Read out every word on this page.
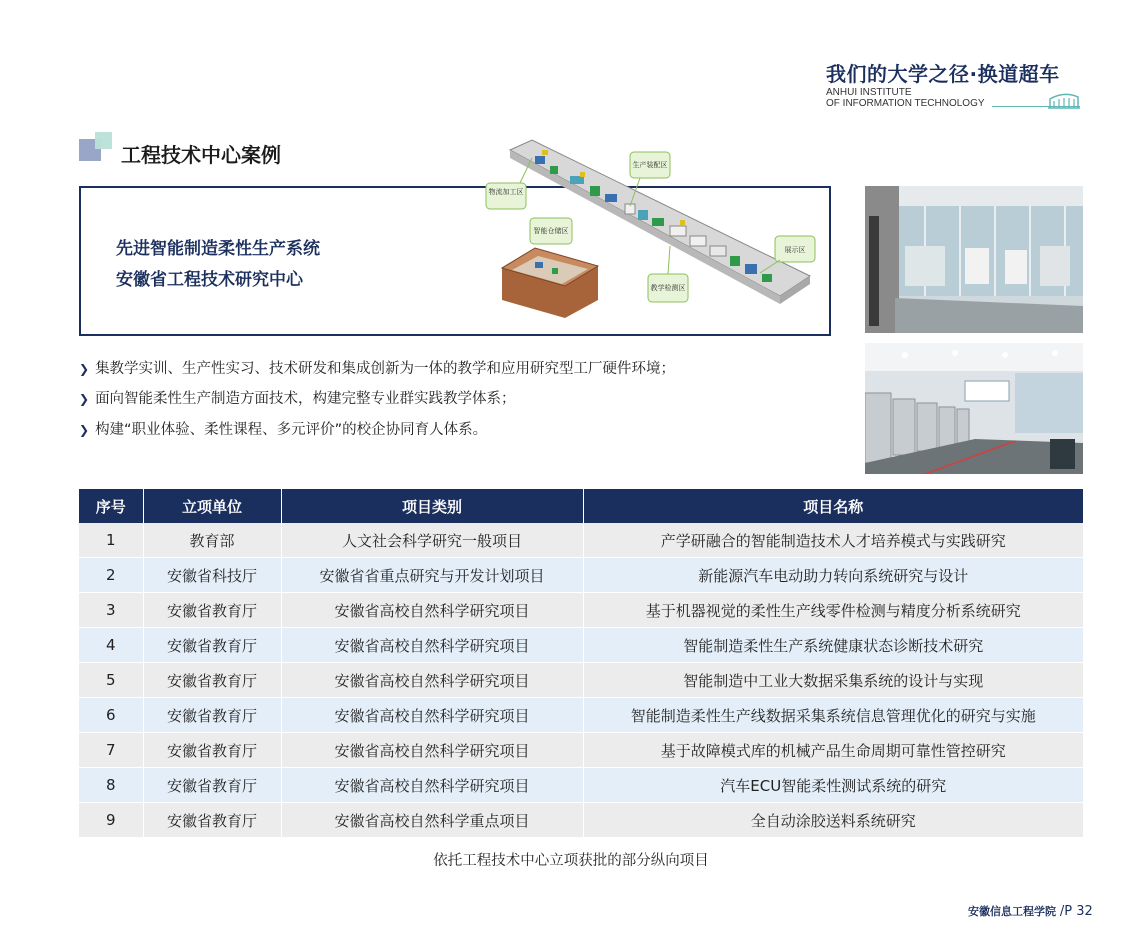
我们的大学之径·换道超车
ANHUI INSTITUTE
OF INFORMATION TECHNOLOGY
工程技术中心案例
先进智能制造柔性生产系统
安徽省工程技术研究中心
物流加工区
生产装配区
智能仓储区
展示区
教学检测区
❯ 集教学实训、生产性实习、技术研发和集成创新为一体的教学和应用研究型工厂硬件环境；
❯ 面向智能柔性生产制造方面技术，构建完整专业群实践教学体系；
❯ 构建“职业体验、柔性课程、多元评价”的校企协同育人体系。
序号	立项单位	项目类别	项目名称
1	教育部	人文社会科学研究一般项目	产学研融合的智能制造技术人才培养模式与实践研究
2	安徽省科技厅	安徽省省重点研究与开发计划项目	新能源汽车电动助力转向系统研究与设计
3	安徽省教育厅	安徽省高校自然科学研究项目	基于机器视觉的柔性生产线零件检测与精度分析系统研究
4	安徽省教育厅	安徽省高校自然科学研究项目	智能制造柔性生产系统健康状态诊断技术研究
5	安徽省教育厅	安徽省高校自然科学研究项目	智能制造中工业大数据采集系统的设计与实现
6	安徽省教育厅	安徽省高校自然科学研究项目	智能制造柔性生产线数据采集系统信息管理优化的研究与实施
7	安徽省教育厅	安徽省高校自然科学研究项目	基于故障模式库的机械产品生命周期可靠性管控研究
8	安徽省教育厅	安徽省高校自然科学研究项目	汽车ECU智能柔性测试系统的研究
9	安徽省教育厅	安徽省高校自然科学重点项目	全自动涂胶送料系统研究
依托工程技术中心立项获批的部分纵向项目
安徽信息工程学院 /P 32
